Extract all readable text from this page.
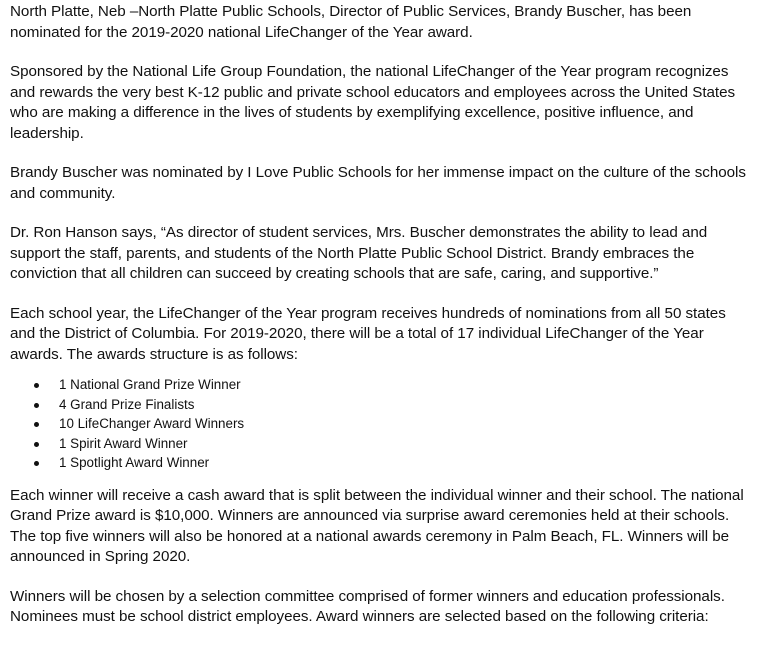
North Platte, Neb –North Platte Public Schools, Director of Public Services, Brandy Buscher, has been nominated for the 2019-2020 national LifeChanger of the Year award.

Sponsored by the National Life Group Foundation, the national LifeChanger of the Year program recognizes and rewards the very best K-12 public and private school educators and employees across the United States who are making a difference in the lives of students by exemplifying excellence, positive influence, and leadership.

Brandy Buscher was nominated by I Love Public Schools for her immense impact on the culture of the schools and community.

Dr. Ron Hanson says, “As director of student services, Mrs. Buscher demonstrates the ability to lead and support the staff, parents, and students of the North Platte Public School District. Brandy embraces the conviction that all children can succeed by creating schools that are safe, caring, and supportive.”

Each school year, the LifeChanger of the Year program receives hundreds of nominations from all 50 states and the District of Columbia. For 2019-2020, there will be a total of 17 individual LifeChanger of the Year awards. The awards structure is as follows:

1 National Grand Prize Winner
4 Grand Prize Finalists
10 LifeChanger Award Winners
1 Spirit Award Winner
1 Spotlight Award Winner

Each winner will receive a cash award that is split between the individual winner and their school. The national Grand Prize award is $10,000. Winners are announced via surprise award ceremonies held at their schools. The top five winners will also be honored at a national awards ceremony in Palm Beach, FL. Winners will be announced in Spring 2020.

Winners will be chosen by a selection committee comprised of former winners and education professionals. Nominees must be school district employees. Award winners are selected based on the following criteria:
